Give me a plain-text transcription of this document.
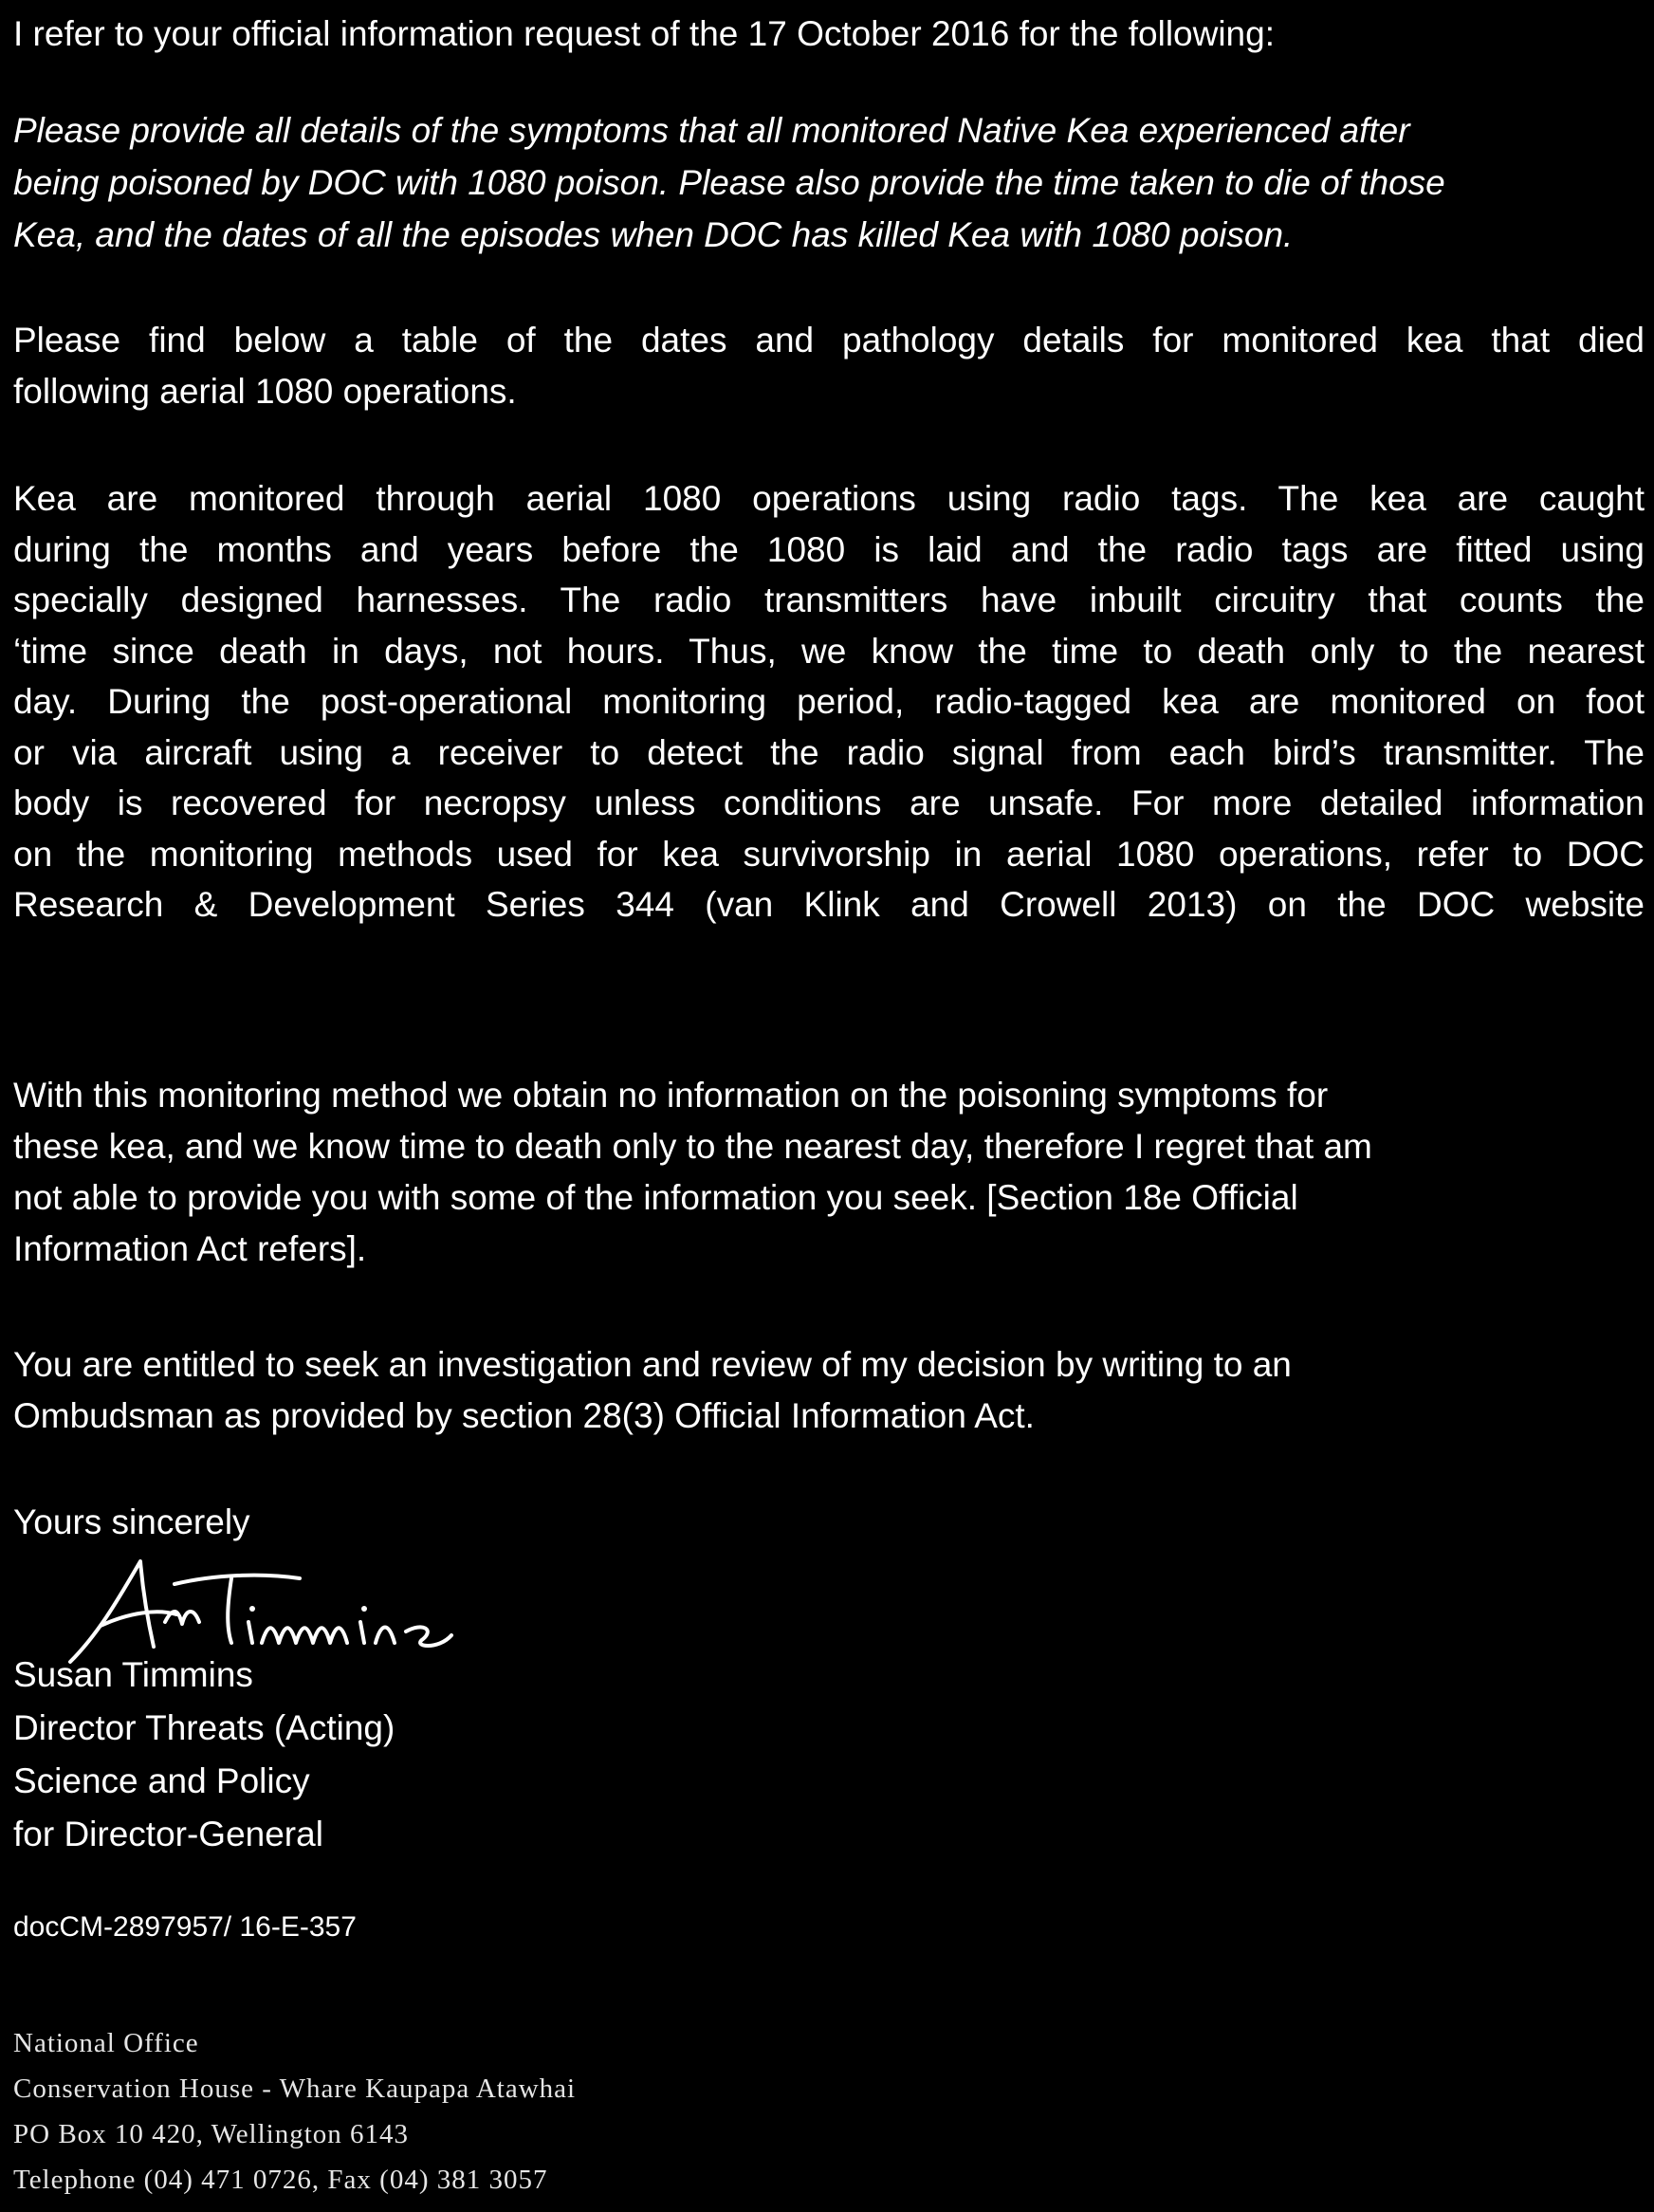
I refer to your official information request of the 17 October 2016 for the following:
Please provide all details of the symptoms that all monitored Native Kea experienced after
being poisoned by DOC with 1080 poison. Please also provide the time taken to die of those
Kea, and the dates of all the episodes when DOC has killed Kea with 1080 poison.
Please find below a table of the dates and pathology details for monitored kea that died
following aerial 1080 operations.
Kea are monitored through aerial 1080 operations using radio tags. The kea are caught
during the months and years before the 1080 is laid and the radio tags are fitted using
specially designed harnesses. The radio transmitters have inbuilt circuitry that counts the
‘time since death in days, not hours. Thus, we know the time to death only to the nearest
day. During the post-operational monitoring period, radio-tagged kea are monitored on foot
or via aircraft using a receiver to detect the radio signal from each bird’s transmitter. The
body is recovered for necropsy unless conditions are unsafe. For more detailed information
on the monitoring methods used for kea survivorship in aerial 1080 operations, refer to DOC
Research & Development Series 344 (van Klink and Crowell 2013) on the DOC website
With this monitoring method we obtain no information on the poisoning symptoms for
these kea, and we know time to death only to the nearest day, therefore I regret that am
not able to provide you with some of the information you seek. [Section 18e Official
Information Act refers].
You are entitled to seek an investigation and review of my decision by writing to an
Ombudsman as provided by section 28(3) Official Information Act.
Yours sincerely
Susan Timmins
Director Threats (Acting)
Science and Policy
for Director-General
docCM-2897957/ 16-E-357
National Office
Conservation House - Whare Kaupapa Atawhai
PO Box 10 420, Wellington 6143
Telephone (04) 471 0726, Fax (04) 381 3057
